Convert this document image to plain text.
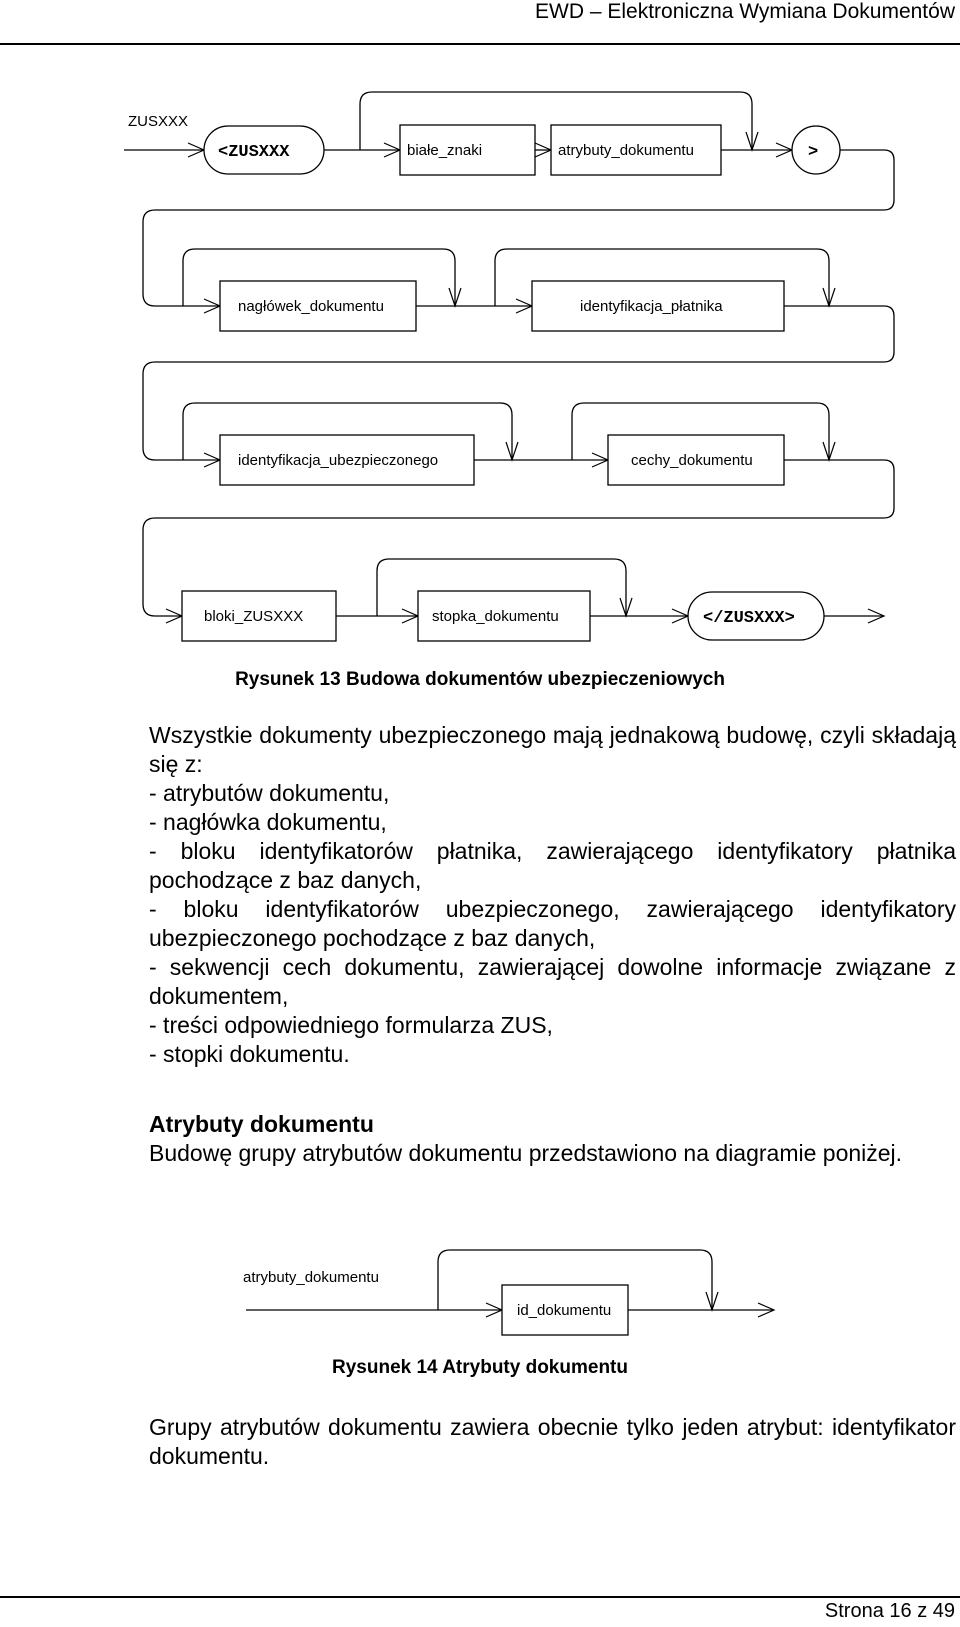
EWD – Elektroniczna Wymiana Dokumentów
ZUSXXX
<ZUSXXX	białe_znaki	atrybuty_dokumentu	>
nagłówek_dokumentu	identyfikacja_płatnika
identyfikacja_ubezpieczonego	cechy_dokumentu
bloki_ZUSXXX	stopka_dokumentu	</ZUSXXX>
Rysunek 13 Budowa dokumentów ubezpieczeniowych

Wszystkie dokumenty ubezpieczonego mają jednakową budowę, czyli składają się z:

- atrybutów dokumentu,

- nagłówka dokumentu,

- bloku identyfikatorów płatnika, zawierającego identyfikatory płatnika pochodzące z baz danych,

- bloku identyfikatorów ubezpieczonego, zawierającego identyfikatory ubezpieczonego pochodzące z baz danych,

- sekwencji cech dokumentu, zawierającej dowolne informacje związane z dokumentem,

- treści odpowiedniego formularza ZUS,

- stopki dokumentu.

Atrybuty dokumentu

Budowę grupy atrybutów dokumentu przedstawiono na diagramie poniżej.

atrybuty_dokumentu
id_dokumentu
Rysunek 14 Atrybuty dokumentu

Grupy atrybutów dokumentu zawiera obecnie tylko jeden atrybut: identyfikator dokumentu.

Strona 16 z 49
